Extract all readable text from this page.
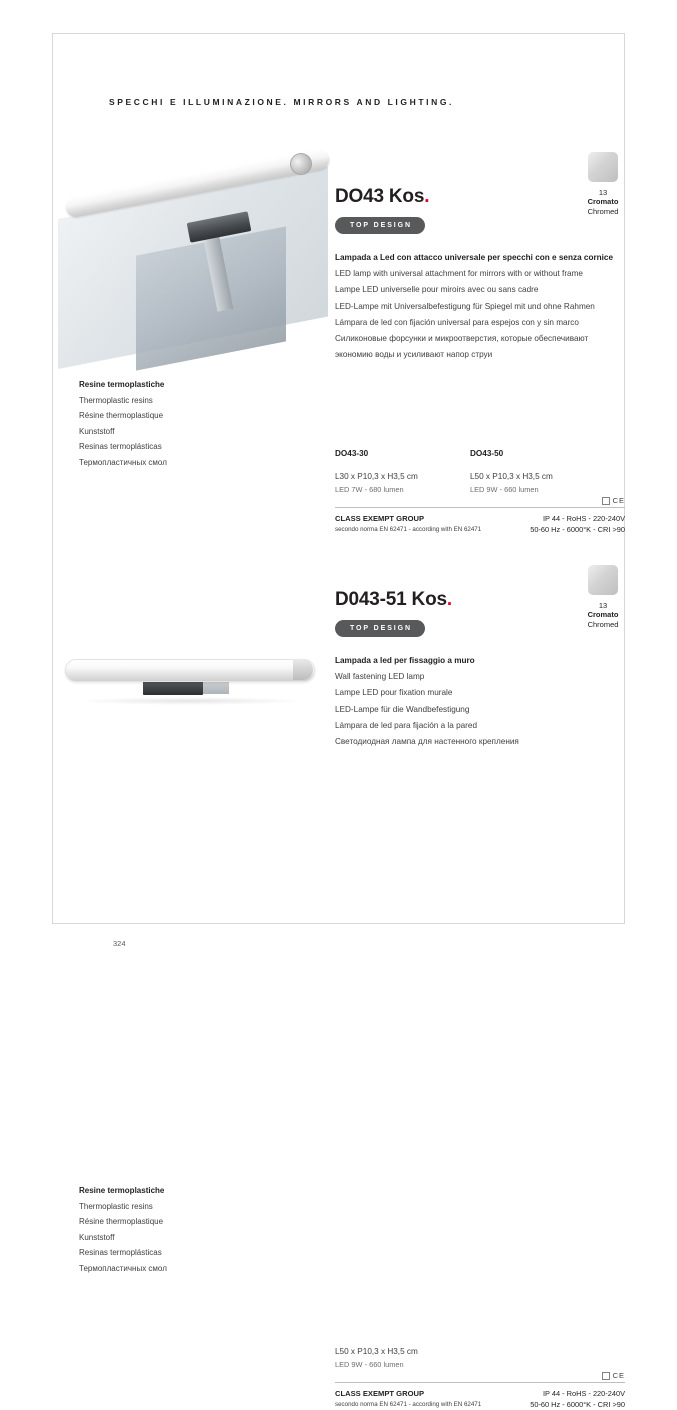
SPECCHI E ILLUMINAZIONE. MIRRORS AND LIGHTING.
Resine termoplastiche
Thermoplastic resins
Résine thermoplastique
Kunststoff
Resinas termoplásticas
Термопластичных смол
DO43 Kos.
TOP DESIGN
Lampada a Led con attacco universale per specchi con e senza cornice
LED lamp with universal attachment for mirrors with or without frame
Lampe LED universelle pour miroirs avec ou sans cadre
LED-Lampe mit Universalbefestigung für Spiegel mit und ohne Rahmen
Lámpara de led con fijación universal para espejos con y sin marco
Силиконовые форсунки и микроотверстия, которые обеспечивают
экономию воды и усиливают напор струи
DO43-30
L30 x P10,3 x H3,5 cm
LED 7W - 680 lumen
DO43-50
L50 x P10,3 x H3,5 cm
LED 9W - 660 lumen
CE
CLASS EXEMPT GROUP
secondo norma EN 62471 - according with EN 62471
IP 44 - RoHS - 220-240V
50-60 Hz - 6000°K - CRI >90
Resine termoplastiche
Thermoplastic resins
Résine thermoplastique
Kunststoff
Resinas termoplásticas
Термопластичных смол
D043-51 Kos.
TOP DESIGN
Lampada a led per fissaggio a muro
Wall fastening LED lamp
Lampe LED pour fixation murale
LED-Lampe für die Wandbefestigung
Lámpara de led para fijación a la pared
Светодиодная лампа для настенного крепления
L50 x P10,3 x H3,5 cm
LED 9W - 660 lumen
CE
CLASS EXEMPT GROUP
secondo norma EN 62471 - according with EN 62471
IP 44 - RoHS - 220-240V
50-60 Hz - 6000°K - CRI >90
324
13
Cromato
Chromed
13
Cromato
Chromed
